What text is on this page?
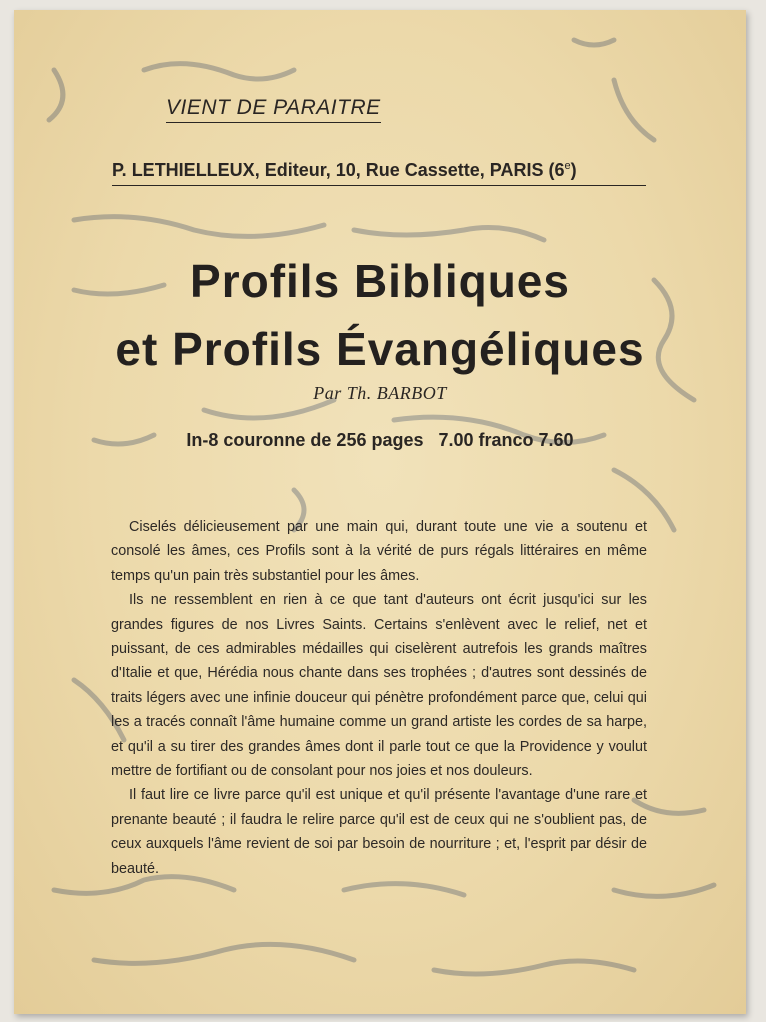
VIENT DE PARAITRE
P. LETHIELLEUX, Editeur, 10, Rue Cassette, PARIS (6e)
Profils Bibliques
et Profils Évangéliques
Par Th. BARBOT
In-8 couronne de 256 pages   7.00 franco 7.60

Ciselés délicieusement par une main qui, durant toute une vie a soutenu et consolé les âmes, ces Profils sont à la vérité de purs régals littéraires en même temps qu'un pain très substantiel pour les âmes.

Ils ne ressemblent en rien à ce que tant d'auteurs ont écrit jusqu'ici sur les grandes figures de nos Livres Saints. Certains s'enlèvent avec le relief, net et puissant, de ces admirables médailles qui ciselèrent autrefois les grands maîtres d'Italie et que, Hérédia nous chante dans ses trophées ; d'autres sont dessinés de traits légers avec une infinie douceur qui pénètre profondément parce que, celui qui les a tracés connaît l'âme humaine comme un grand artiste les cordes de sa harpe, et qu'il a su tirer des grandes âmes dont il parle tout ce que la Providence y voulut mettre de fortifiant ou de consolant pour nos joies et nos douleurs.

Il faut lire ce livre parce qu'il est unique et qu'il présente l'avantage d'une rare et prenante beauté ; il faudra le relire parce qu'il est de ceux qui ne s'oublient pas, de ceux auxquels l'âme revient de soi par besoin de nourriture ; et, l'esprit par désir de beauté.
